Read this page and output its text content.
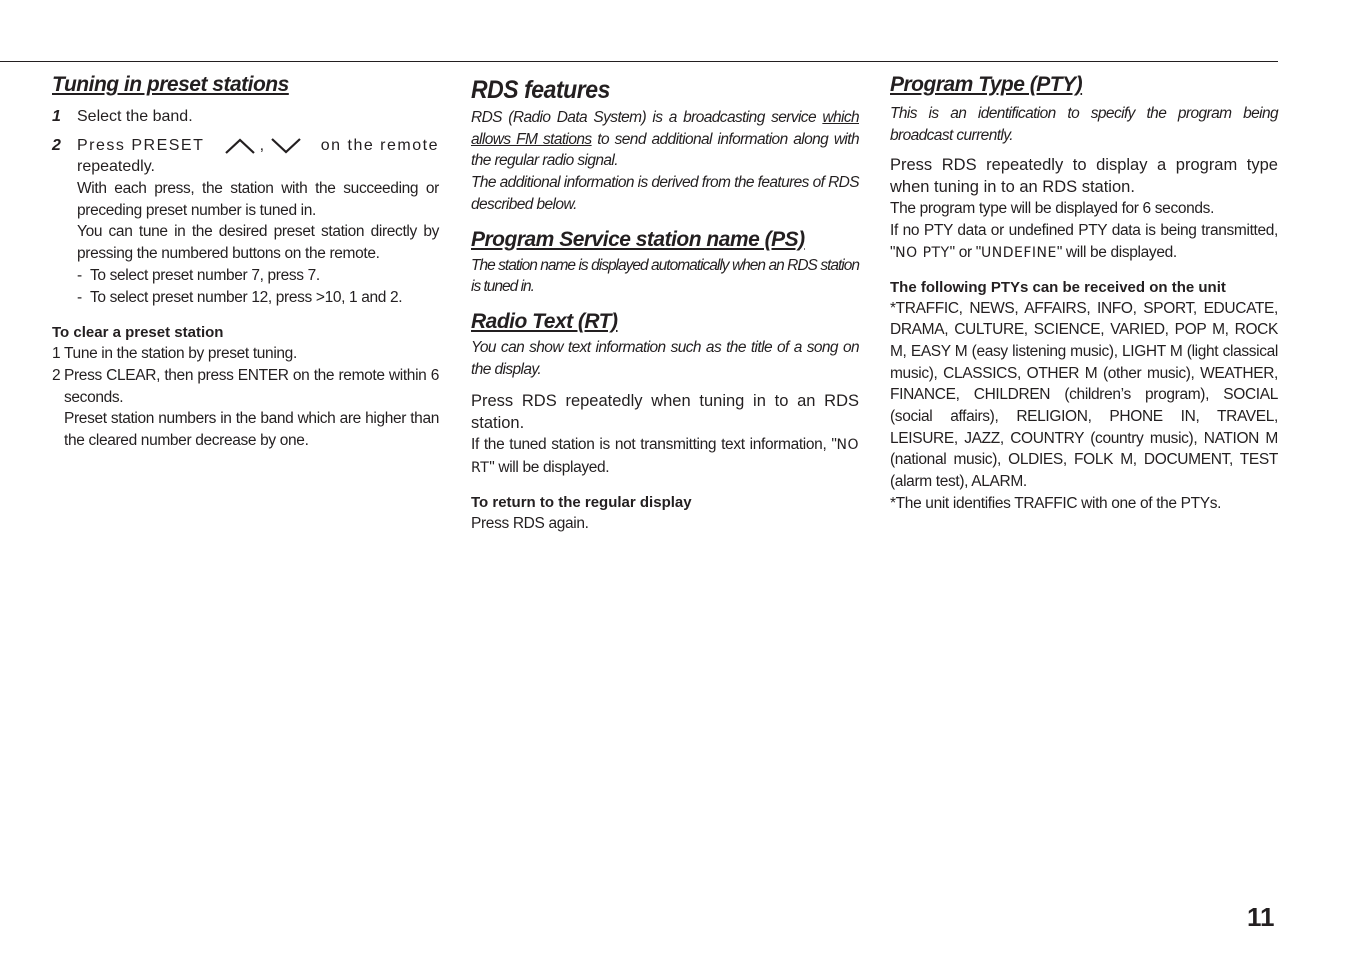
Tuning in preset stations
1	Select the band.
2	Press PRESET	,	on the remote
repeatedly.
With each press, the station with the succeeding or preceding preset number is tuned in.
You can tune in the desired preset station directly by pressing the numbered buttons on the remote.
- To select preset number 7, press 7.
- To select preset number 12, press >10, 1 and 2.
To clear a preset station
1 Tune in the station by preset tuning.
2 Press CLEAR, then press ENTER on the remote within 6 seconds.
Preset station numbers in the band which are higher than the cleared number decrease by one.
RDS features
RDS (Radio Data System) is a broadcasting service which allows FM stations to send additional information along with the regular radio signal.
The additional information is derived from the features of RDS described below.
Program Service station name (PS)
The station name is displayed automatically when an RDS station is tuned in.
Radio Text (RT)
You can show text information such as the title of a song on the display.
Press RDS repeatedly when tuning in to an RDS station.
If the tuned station is not transmitting text information, "NO RT" will be displayed.
To return to the regular display
Press RDS again.
Program Type (PTY)
This is an identification to specify the program being broadcast currently.
Press RDS repeatedly to display a program type when tuning in to an RDS station.
The program type will be displayed for 6 seconds.
If no PTY data or undefined PTY data is being transmitted, "NO PTY" or "UNDEFINE" will be displayed.
The following PTYs can be received on the unit
*TRAFFIC, NEWS, AFFAIRS, INFO, SPORT, EDUCATE, DRAMA, CULTURE, SCIENCE, VARIED, POP M, ROCK M, EASY M (easy listening music), LIGHT M (light classical music), CLASSICS, OTHER M (other music), WEATHER, FINANCE, CHILDREN (children’s program), SOCIAL (social affairs), RELIGION, PHONE IN, TRAVEL, LEISURE, JAZZ, COUNTRY (country music), NATION M (national music), OLDIES, FOLK M, DOCUMENT, TEST (alarm test), ALARM.
*The unit identifies TRAFFIC with one of the PTYs.
11
